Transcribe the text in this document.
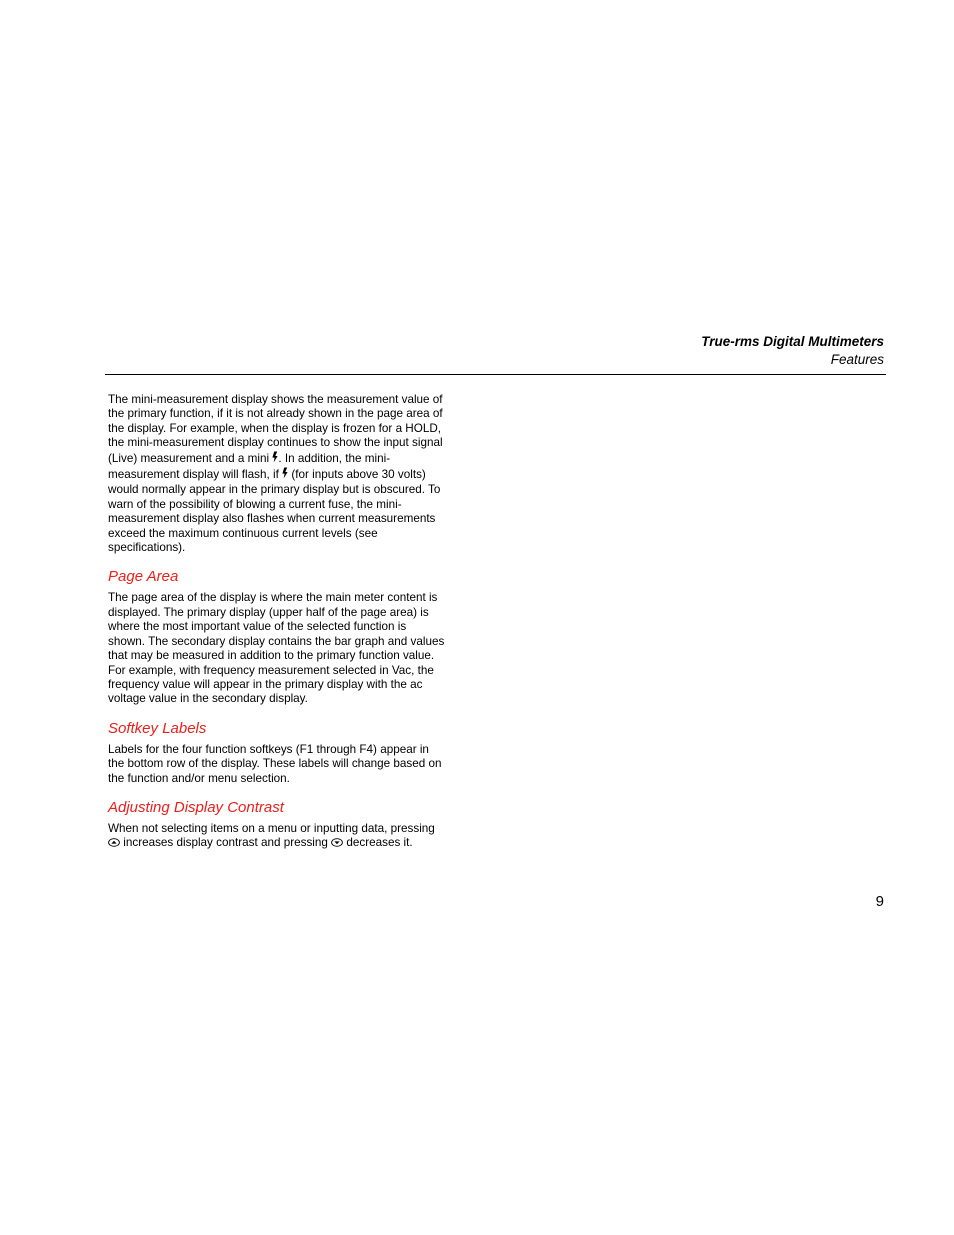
True-rms Digital Multimeters
Features

The mini-measurement display shows the measurement value of
the primary function, if it is not already shown in the page area of
the display. For example, when the display is frozen for a HOLD,
the mini-measurement display continues to show the input signal
(Live) measurement and a mini . In addition, the mini-
measurement display will flash, if  (for inputs above 30 volts)
would normally appear in the primary display but is obscured. To
warn of the possibility of blowing a current fuse, the mini-
measurement display also flashes when current measurements
exceed the maximum continuous current levels (see
specifications).

Page Area

The page area of the display is where the main meter content is
displayed. The primary display (upper half of the page area) is
where the most important value of the selected function is
shown. The secondary display contains the bar graph and values
that may be measured in addition to the primary function value.
For example, with frequency measurement selected in Vac, the
frequency value will appear in the primary display with the ac
voltage value in the secondary display.

Softkey Labels

Labels for the four function softkeys (F1 through F4) appear in
the bottom row of the display. These labels will change based on
the function and/or menu selection.

Adjusting Display Contrast

When not selecting items on a menu or inputting data, pressing
increases display contrast and pressing  decreases it.

9
